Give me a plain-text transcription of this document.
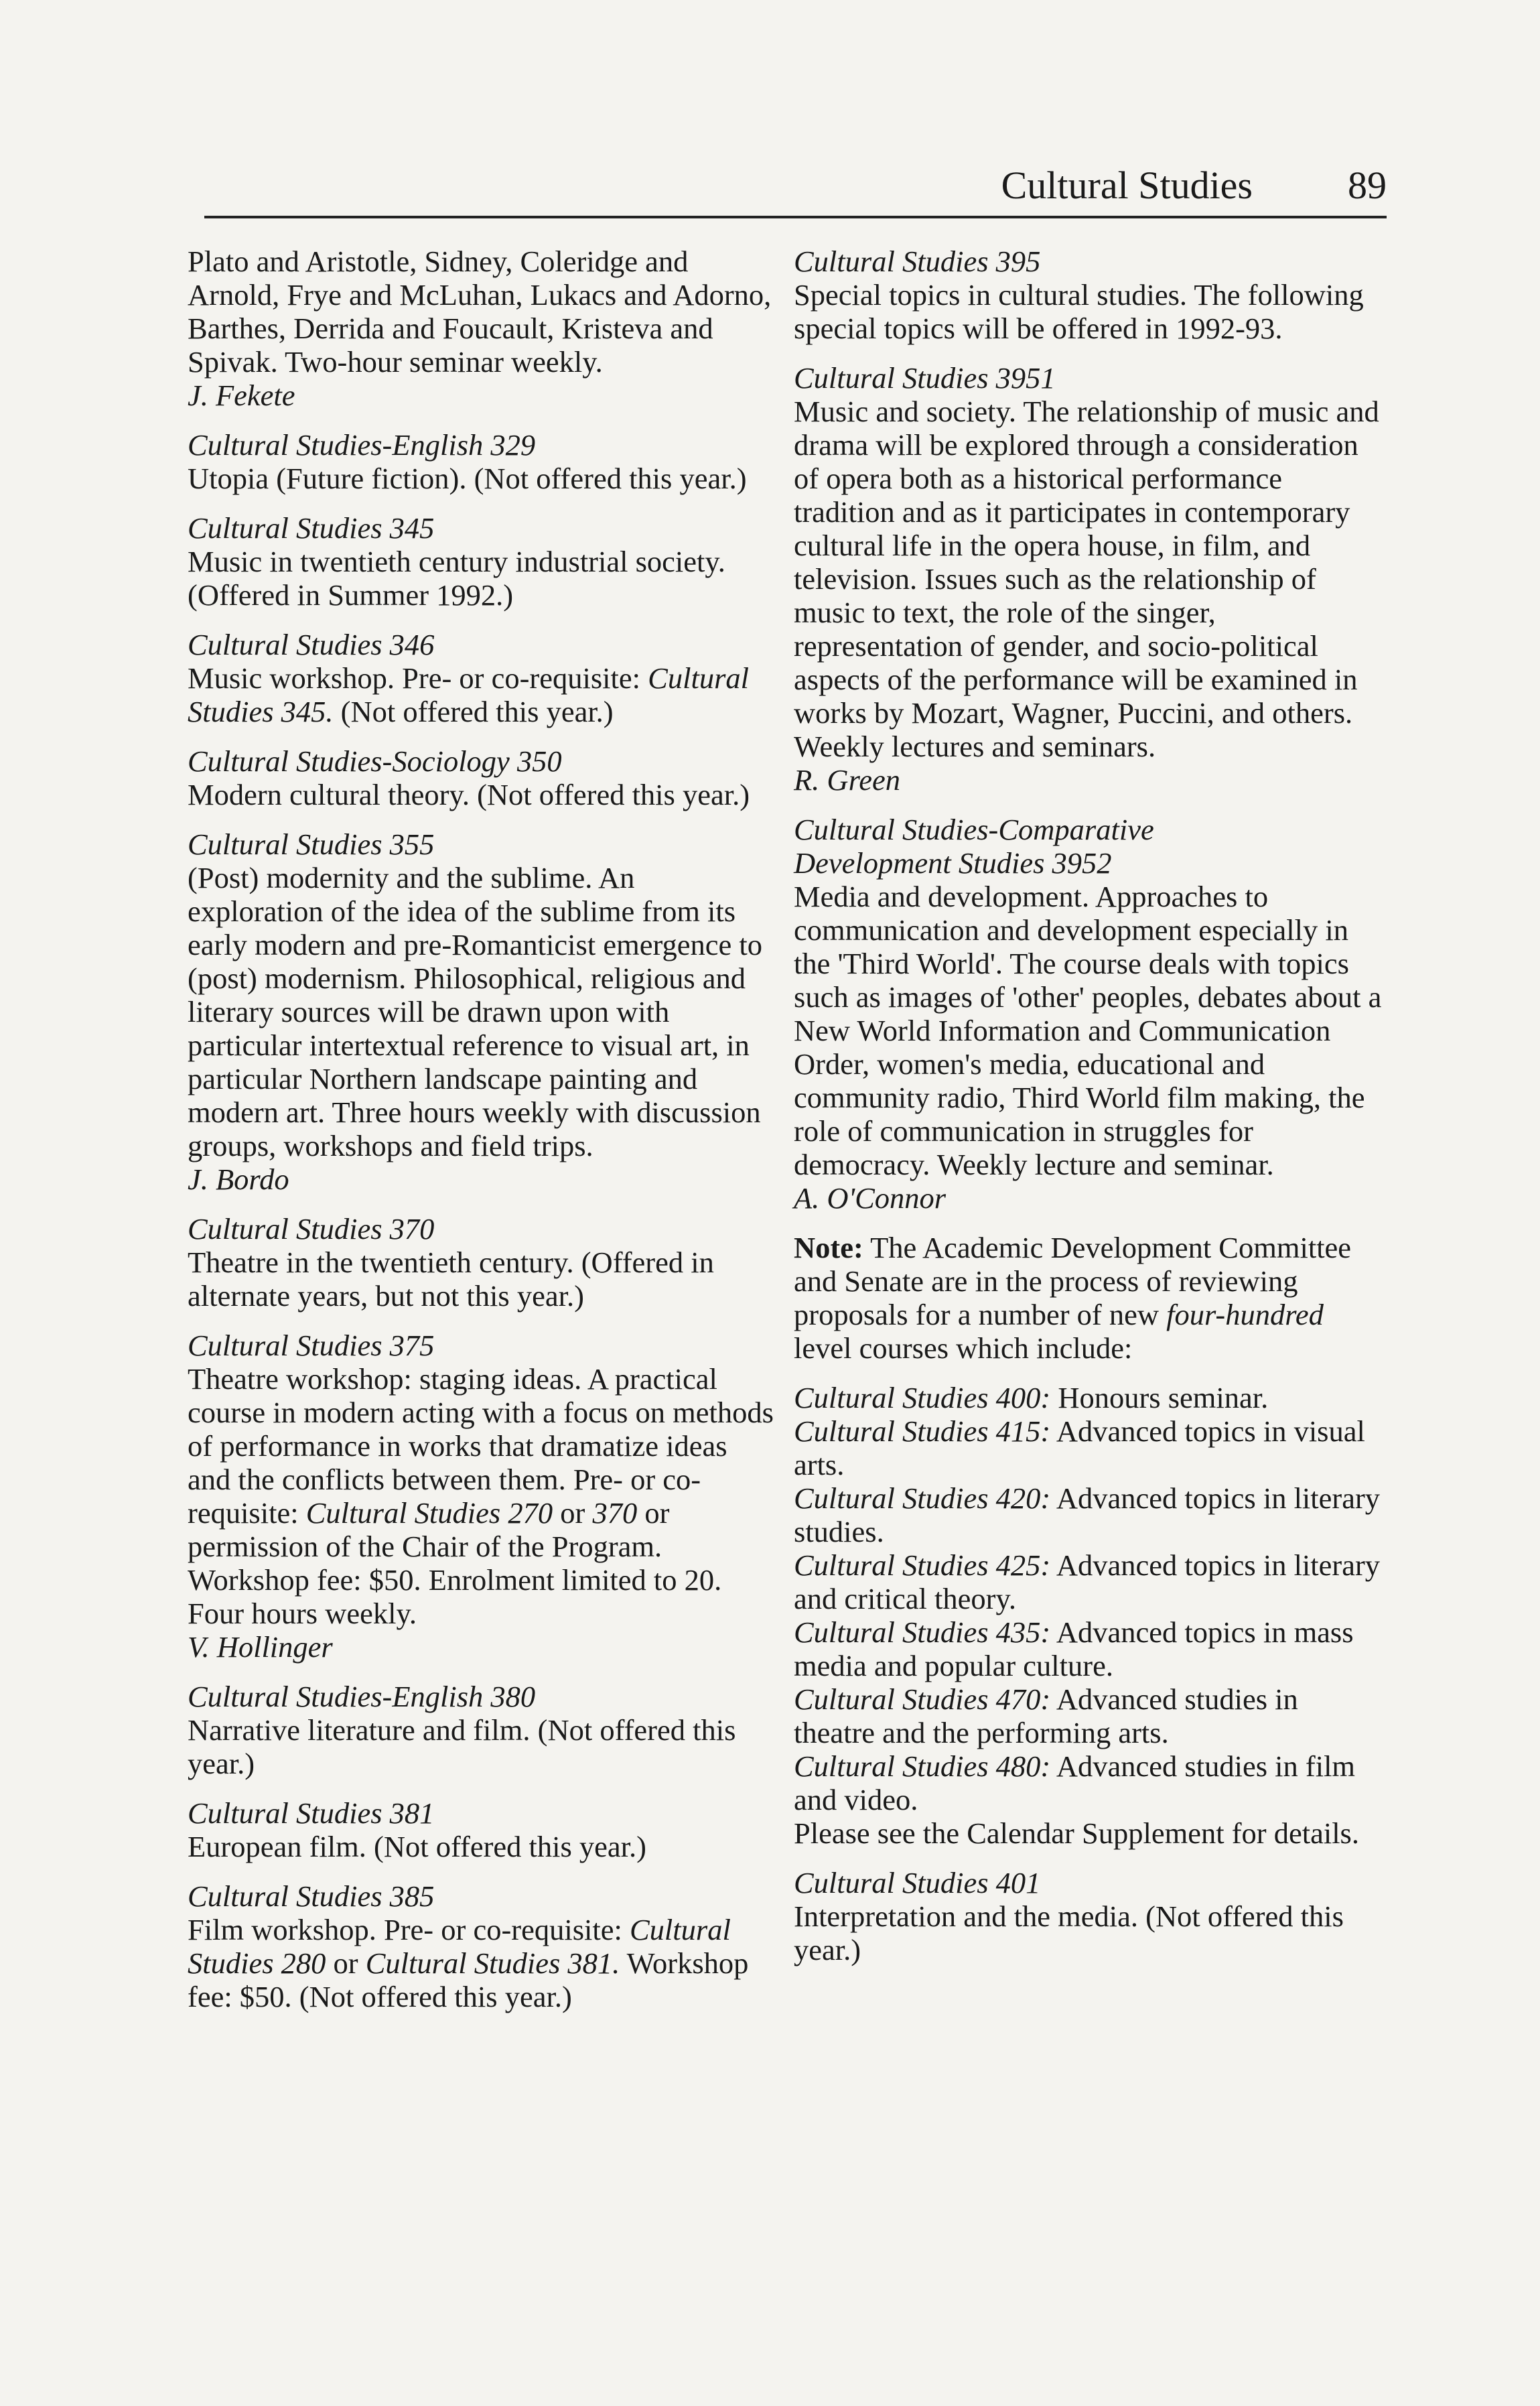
Cultural Studies 89
Plato and Aristotle, Sidney, Coleridge and Arnold, Frye and McLuhan, Lukacs and Adorno, Barthes, Derrida and Foucault, Kristeva and Spivak. Two-hour seminar weekly.
J. Fekete
Cultural Studies-English 329
Utopia (Future fiction). (Not offered this year.)
Cultural Studies 345
Music in twentieth century industrial society. (Offered in Summer 1992.)
Cultural Studies 346
Music workshop. Pre- or co-requisite: Cultural Studies 345. (Not offered this year.)
Cultural Studies-Sociology 350
Modern cultural theory. (Not offered this year.)
Cultural Studies 355
(Post) modernity and the sublime. An exploration of the idea of the sublime from its early modern and pre-Romanticist emergence to (post) modernism. Philosophical, religious and literary sources will be drawn upon with particular intertextual reference to visual art, in particular Northern landscape painting and modern art. Three hours weekly with discussion groups, workshops and field trips.
J. Bordo
Cultural Studies 370
Theatre in the twentieth century. (Offered in alternate years, but not this year.)
Cultural Studies 375
Theatre workshop: staging ideas. A practical course in modern acting with a focus on methods of performance in works that dramatize ideas and the conflicts between them. Pre- or co-requisite: Cultural Studies 270 or 370 or permission of the Chair of the Program. Workshop fee: $50. Enrolment limited to 20. Four hours weekly.
V. Hollinger
Cultural Studies-English 380
Narrative literature and film. (Not offered this year.)
Cultural Studies 381
European film. (Not offered this year.)
Cultural Studies 385
Film workshop. Pre- or co-requisite: Cultural Studies 280 or Cultural Studies 381. Workshop fee: $50. (Not offered this year.)
Cultural Studies 395
Special topics in cultural studies. The following special topics will be offered in 1992-93.
Cultural Studies 3951
Music and society. The relationship of music and drama will be explored through a consideration of opera both as a historical performance tradition and as it participates in contemporary cultural life in the opera house, in film, and television. Issues such as the relationship of music to text, the role of the singer, representation of gender, and socio-political aspects of the performance will be examined in works by Mozart, Wagner, Puccini, and others. Weekly lectures and seminars.
R. Green
Cultural Studies-Comparative
Development Studies 3952
Media and development. Approaches to communication and development especially in the 'Third World'. The course deals with topics such as images of 'other' peoples, debates about a New World Information and Communication Order, women's media, educational and community radio, Third World film making, the role of communication in struggles for democracy. Weekly lecture and seminar.
A. O'Connor
Note: The Academic Development Committee and Senate are in the process of reviewing proposals for a number of new four-hundred level courses which include:
Cultural Studies 400: Honours seminar.
Cultural Studies 415: Advanced topics in visual arts.
Cultural Studies 420: Advanced topics in literary studies.
Cultural Studies 425: Advanced topics in literary and critical theory.
Cultural Studies 435: Advanced topics in mass media and popular culture.
Cultural Studies 470: Advanced studies in theatre and the performing arts.
Cultural Studies 480: Advanced studies in film and video.
Please see the Calendar Supplement for details.
Cultural Studies 401
Interpretation and the media. (Not offered this year.)
